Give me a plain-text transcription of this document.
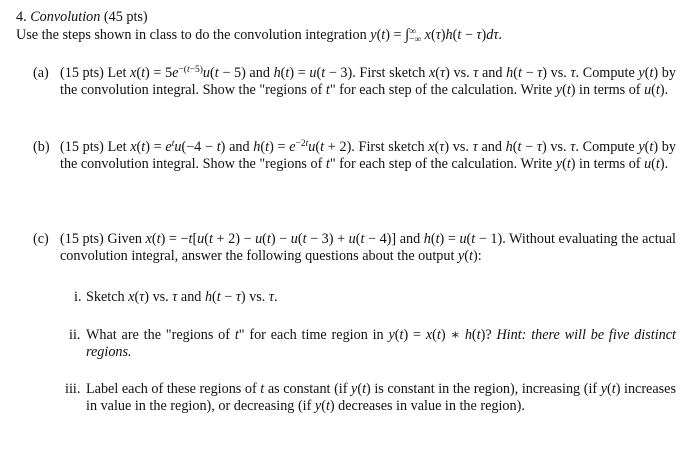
4. Convolution (45 pts)
Use the steps shown in class to do the convolution integration $y(t) = \int^\infty_{-\infty}$ x(τ)h(t − τ)dτ.
(a) (15 pts) Let $x(t) = 5e^{-(t-5)}u(t - 5)$ and h(t) = u(t − 3). First sketch x(τ) vs. τ and h(t − τ) vs. τ. Compute y(t) by the convolution integral. Show the "regions of t" for each step of the calculation. Write y(t) in terms of u(t).
(b) (15 pts) Let $x(t) = e^tu(-4 - t)$ and $h(t) = e^{-2t}u(t + 2)$. First sketch x(τ) vs. τ and h(t − τ) vs. τ. Compute y(t) by the convolution integral. Show the "regions of t" for each step of the calculation. Write y(t) in terms of u(t).
(c) (15 pts) Given x(t) = −t[u(t + 2) − u(t) − u(t − 3) + u(t − 4)] and h(t) = u(t − 1). Without evaluating the actual convolution integral, answer the following questions about the output y(t):
i. Sketch x(τ) vs. τ and h(t − τ) vs. τ.
ii. What are the "regions of t" for each time region in y(t) = x(t) ∗ h(t)? Hint: there will be five distinct regions.
iii. Label each of these regions of t as constant (if y(t) is constant in the region), increasing (if y(t) increases in value in the region), or decreasing (if y(t) decreases in value in the region).
